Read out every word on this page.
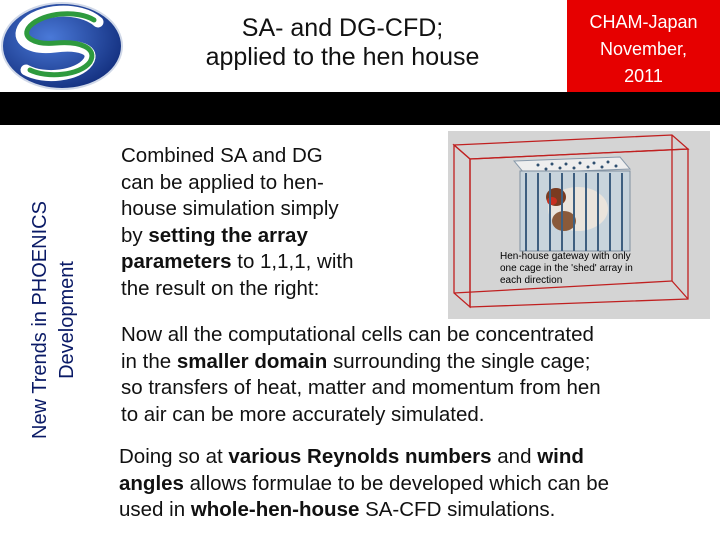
SA- and DG-CFD;
applied to the hen house
CHAM-Japan
November,
2011
New Trends in PHOENICS Development
Combined SA and DG
can be applied to hen-
house simulation simply
by setting the array
parameters to 1,1,1, with
the result on the right:
Hen-house gateway with only
one cage in the 'shed' array in
each direction
Now all the computational cells can be concentrated
in the smaller domain surrounding the single cage;
so transfers of heat, matter and momentum from hen
to air can be more accurately simulated.
Doing so at various Reynolds numbers and wind
angles allows formulae to be developed which can be
used in whole-hen-house SA-CFD simulations.
